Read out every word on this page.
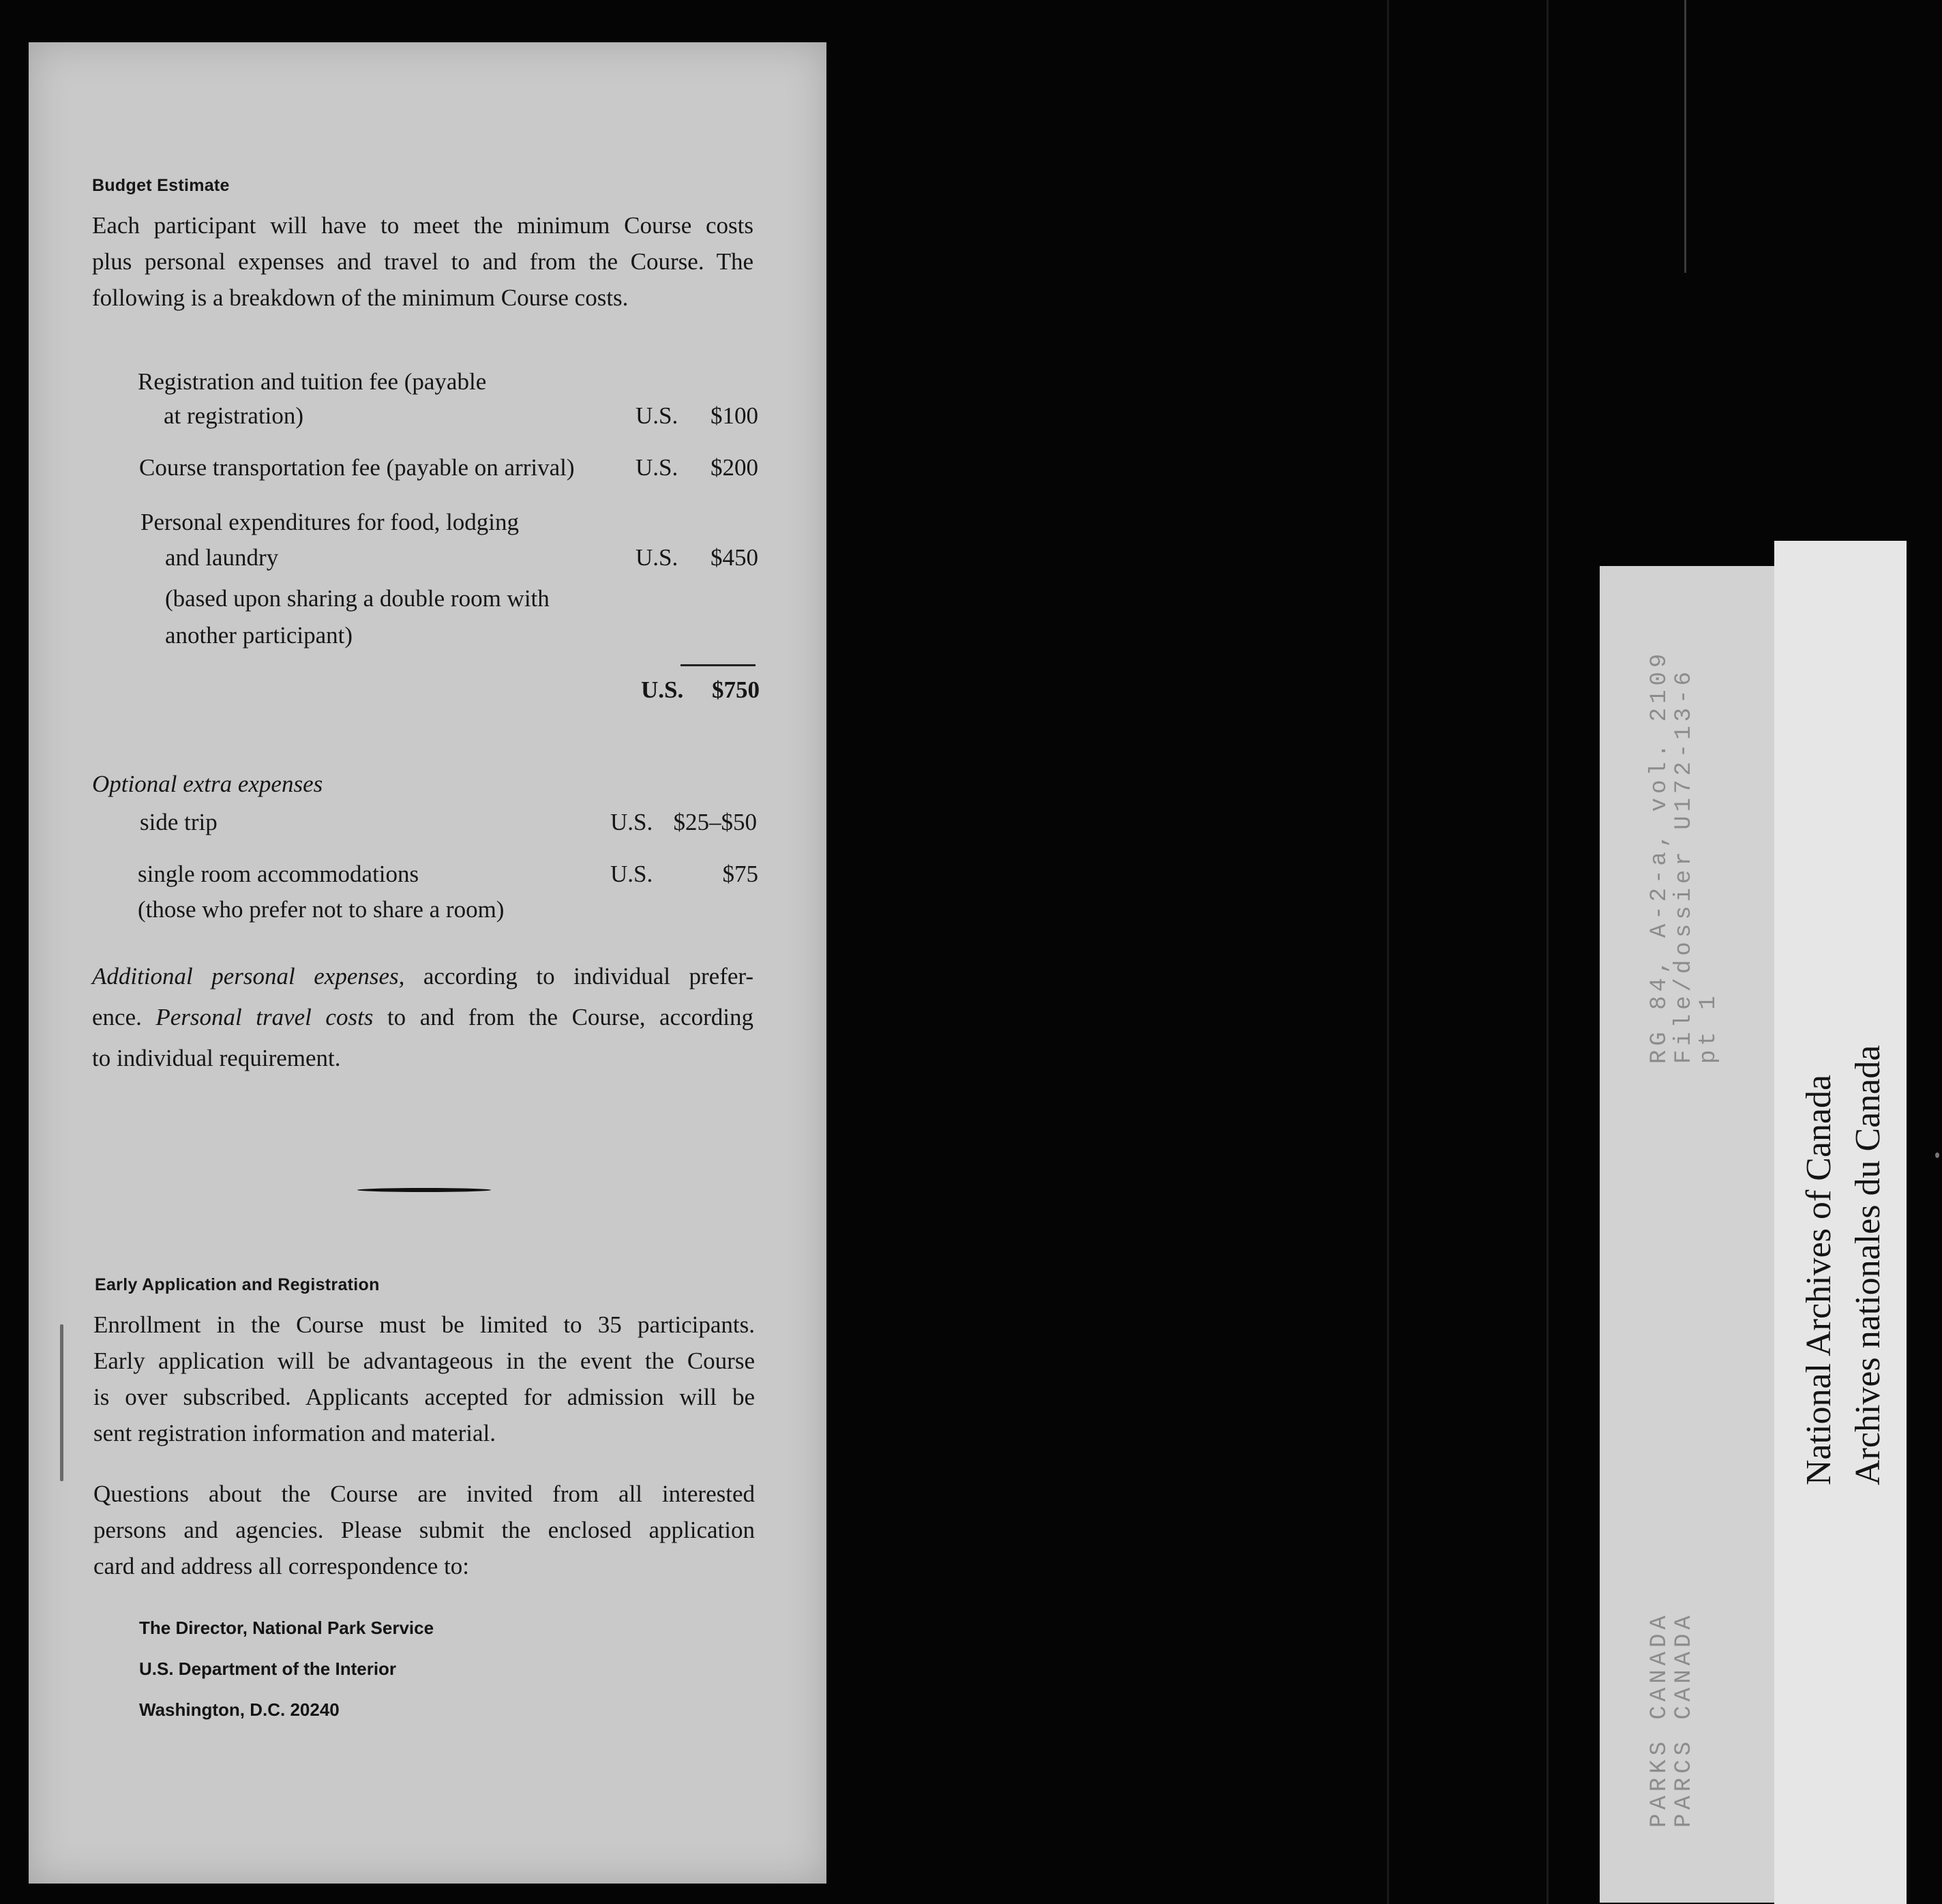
Budget Estimate
Each participant will have to meet the minimum Course costs
plus personal expenses and travel to and from the Course. The
following is a breakdown of the minimum Course costs.
Registration and tuition fee (payable
at registration)	U.S. $100
Course transportation fee (payable on arrival)	U.S. $200
Personal expenditures for food, lodging
and laundry	U.S. $450
(based upon sharing a double room with
another participant)
U.S. $750
Optional extra expenses
side trip	U.S. $25–$50
single room accommodations	U.S.	$75
(those who prefer not to share a room)
Additional personal expenses, according to individual prefer-
ence. Personal travel costs to and from the Course, according
to individual requirement.
Early Application and Registration
Enrollment in the Course must be limited to 35 participants.
Early application will be advantageous in the event the Course
is over subscribed. Applicants accepted for admission will be
sent registration information and material.
Questions about the Course are invited from all interested
persons and agencies. Please submit the enclosed application
card and address all correspondence to:
The Director, National Park Service
U.S. Department of the Interior
Washington, D.C. 20240
RG 84, A-2-a, vol. 2109
File/dossier U172-13-6
pt 1
PARKS CANADA
PARCS CANADA
National Archives of Canada Archives nationales du Canada
